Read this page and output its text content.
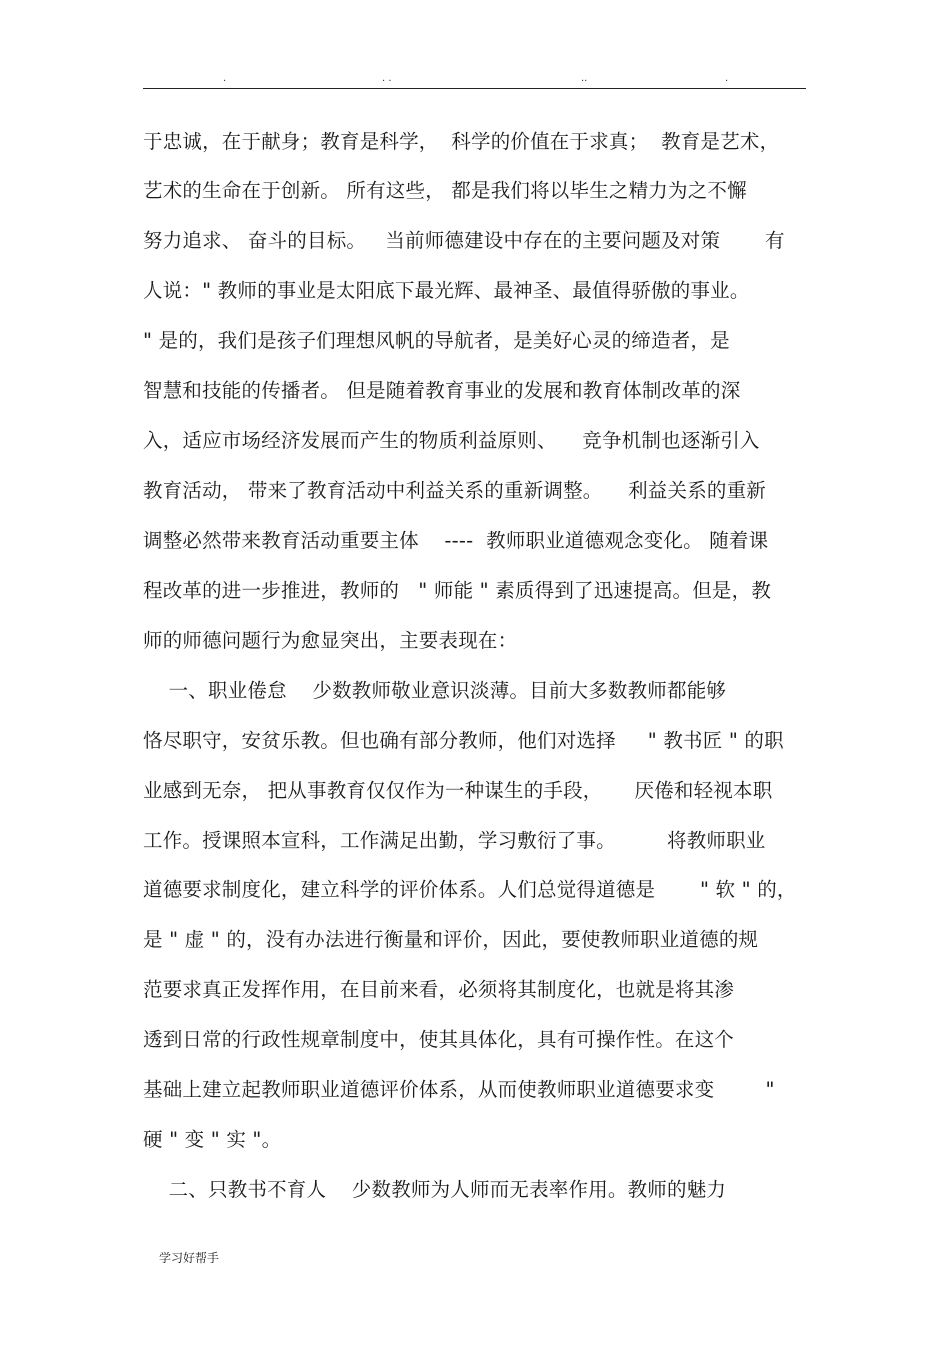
.	. .	..	.
于忠诚，在于献身；教育是科学，  科学的价值在于求真；  教育是艺术，
艺术的生命在于创新。 所有这些， 都是我们将以毕生之精力为之不懈
努力追求、 奋斗的目标。   当前师德建设中存在的主要问题及对策       有
人说：" 教师的事业是太阳底下最光辉、最神圣、最值得骄傲的事业。
" 是的，我们是孩子们理想风帆的导航者，是美好心灵的缔造者，是
智慧和技能的传播者。 但是随着教育事业的发展和教育体制改革的深
入，适应市场经济发展而产生的物质利益原则、    竞争机制也逐渐引入
教育活动， 带来了教育活动中利益关系的重新调整。    利益关系的重新
调整必然带来教育活动重要主体    ----  教师职业道德观念变化。 随着课
程改革的进一步推进，教师的   " 师能 " 素质得到了迅速提高。但是，教
师的师德问题行为愈显突出，主要表现在：
一、职业倦怠    少数教师敬业意识淡薄。目前大多数教师都能够
恪尽职守，安贫乐教。但也确有部分教师，他们对选择     " 教书匠 " 的职
业感到无奈， 把从事教育仅仅作为一种谋生的手段，     厌倦和轻视本职
工作。授课照本宣科，工作满足出勤，学习敷衍了事。        将教师职业
道德要求制度化，建立科学的评价体系。人们总觉得道德是       " 软 " 的，
是 " 虚 " 的，没有办法进行衡量和评价，因此，要使教师职业道德的规
范要求真正发挥作用，在目前来看，必须将其制度化，也就是将其渗
透到日常的行政性规章制度中，使其具体化，具有可操作性。在这个
基础上建立起教师职业道德评价体系，从而使教师职业道德要求变        "
硬 " 变 " 实 "。
二、只教书不育人    少数教师为人师而无表率作用。教师的魅力
学习好帮手
